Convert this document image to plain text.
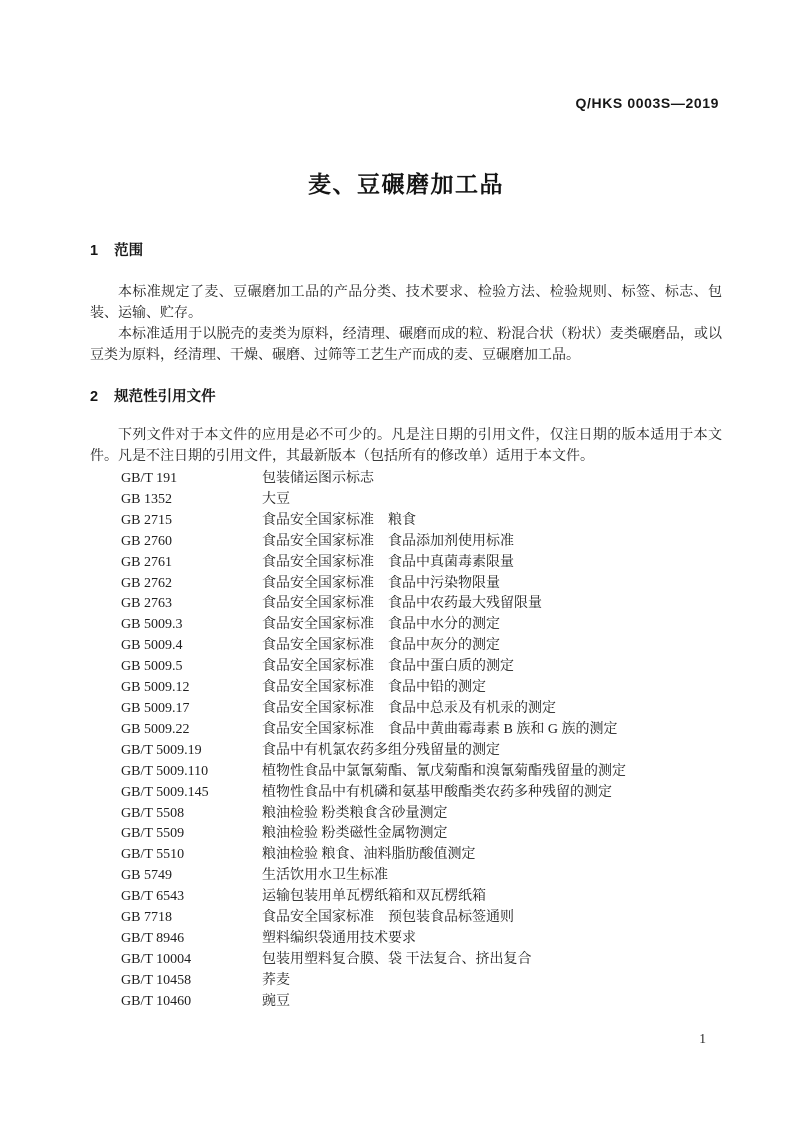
Q/HKS 0003S—2019
麦、豆碾磨加工品
1 范围

本标准规定了麦、豆碾磨加工品的产品分类、技术要求、检验方法、检验规则、标签、标志、包装、运输、贮存。

本标准适用于以脱壳的麦类为原料，经清理、碾磨而成的粒、粉混合状（粉状）麦类碾磨品，或以豆类为原料，经清理、干燥、碾磨、过筛等工艺生产而成的麦、豆碾磨加工品。

2 规范性引用文件

下列文件对于本文件的应用是必不可少的。凡是注日期的引用文件，仅注日期的版本适用于本文件。凡是不注日期的引用文件，其最新版本（包括所有的修改单）适用于本文件。

GB/T 191	包装储运图示标志
GB 1352	大豆
GB 2715	食品安全国家标准　粮食
GB 2760	食品安全国家标准　食品添加剂使用标准
GB 2761	食品安全国家标准　食品中真菌毒素限量
GB 2762	食品安全国家标准　食品中污染物限量
GB 2763	食品安全国家标准　食品中农药最大残留限量
GB 5009.3	食品安全国家标准　食品中水分的测定
GB 5009.4	食品安全国家标准　食品中灰分的测定
GB 5009.5	食品安全国家标准　食品中蛋白质的测定
GB 5009.12	食品安全国家标准　食品中铅的测定
GB 5009.17	食品安全国家标准　食品中总汞及有机汞的测定
GB 5009.22	食品安全国家标准　食品中黄曲霉毒素 B 族和 G 族的测定
GB/T 5009.19	食品中有机氯农药多组分残留量的测定
GB/T 5009.110	植物性食品中氯氰菊酯、氰戊菊酯和溴氰菊酯残留量的测定
GB/T 5009.145	植物性食品中有机磷和氨基甲酸酯类农药多种残留的测定
GB/T 5508	粮油检验 粉类粮食含砂量测定
GB/T 5509	粮油检验 粉类磁性金属物测定
GB/T 5510	粮油检验 粮食、油料脂肪酸值测定
GB 5749	生活饮用水卫生标准
GB/T 6543	运输包装用单瓦楞纸箱和双瓦楞纸箱
GB 7718	食品安全国家标准　预包装食品标签通则
GB/T 8946	塑料编织袋通用技术要求
GB/T 10004	包装用塑料复合膜、袋 干法复合、挤出复合
GB/T 10458	荞麦
GB/T 10460	豌豆
1
